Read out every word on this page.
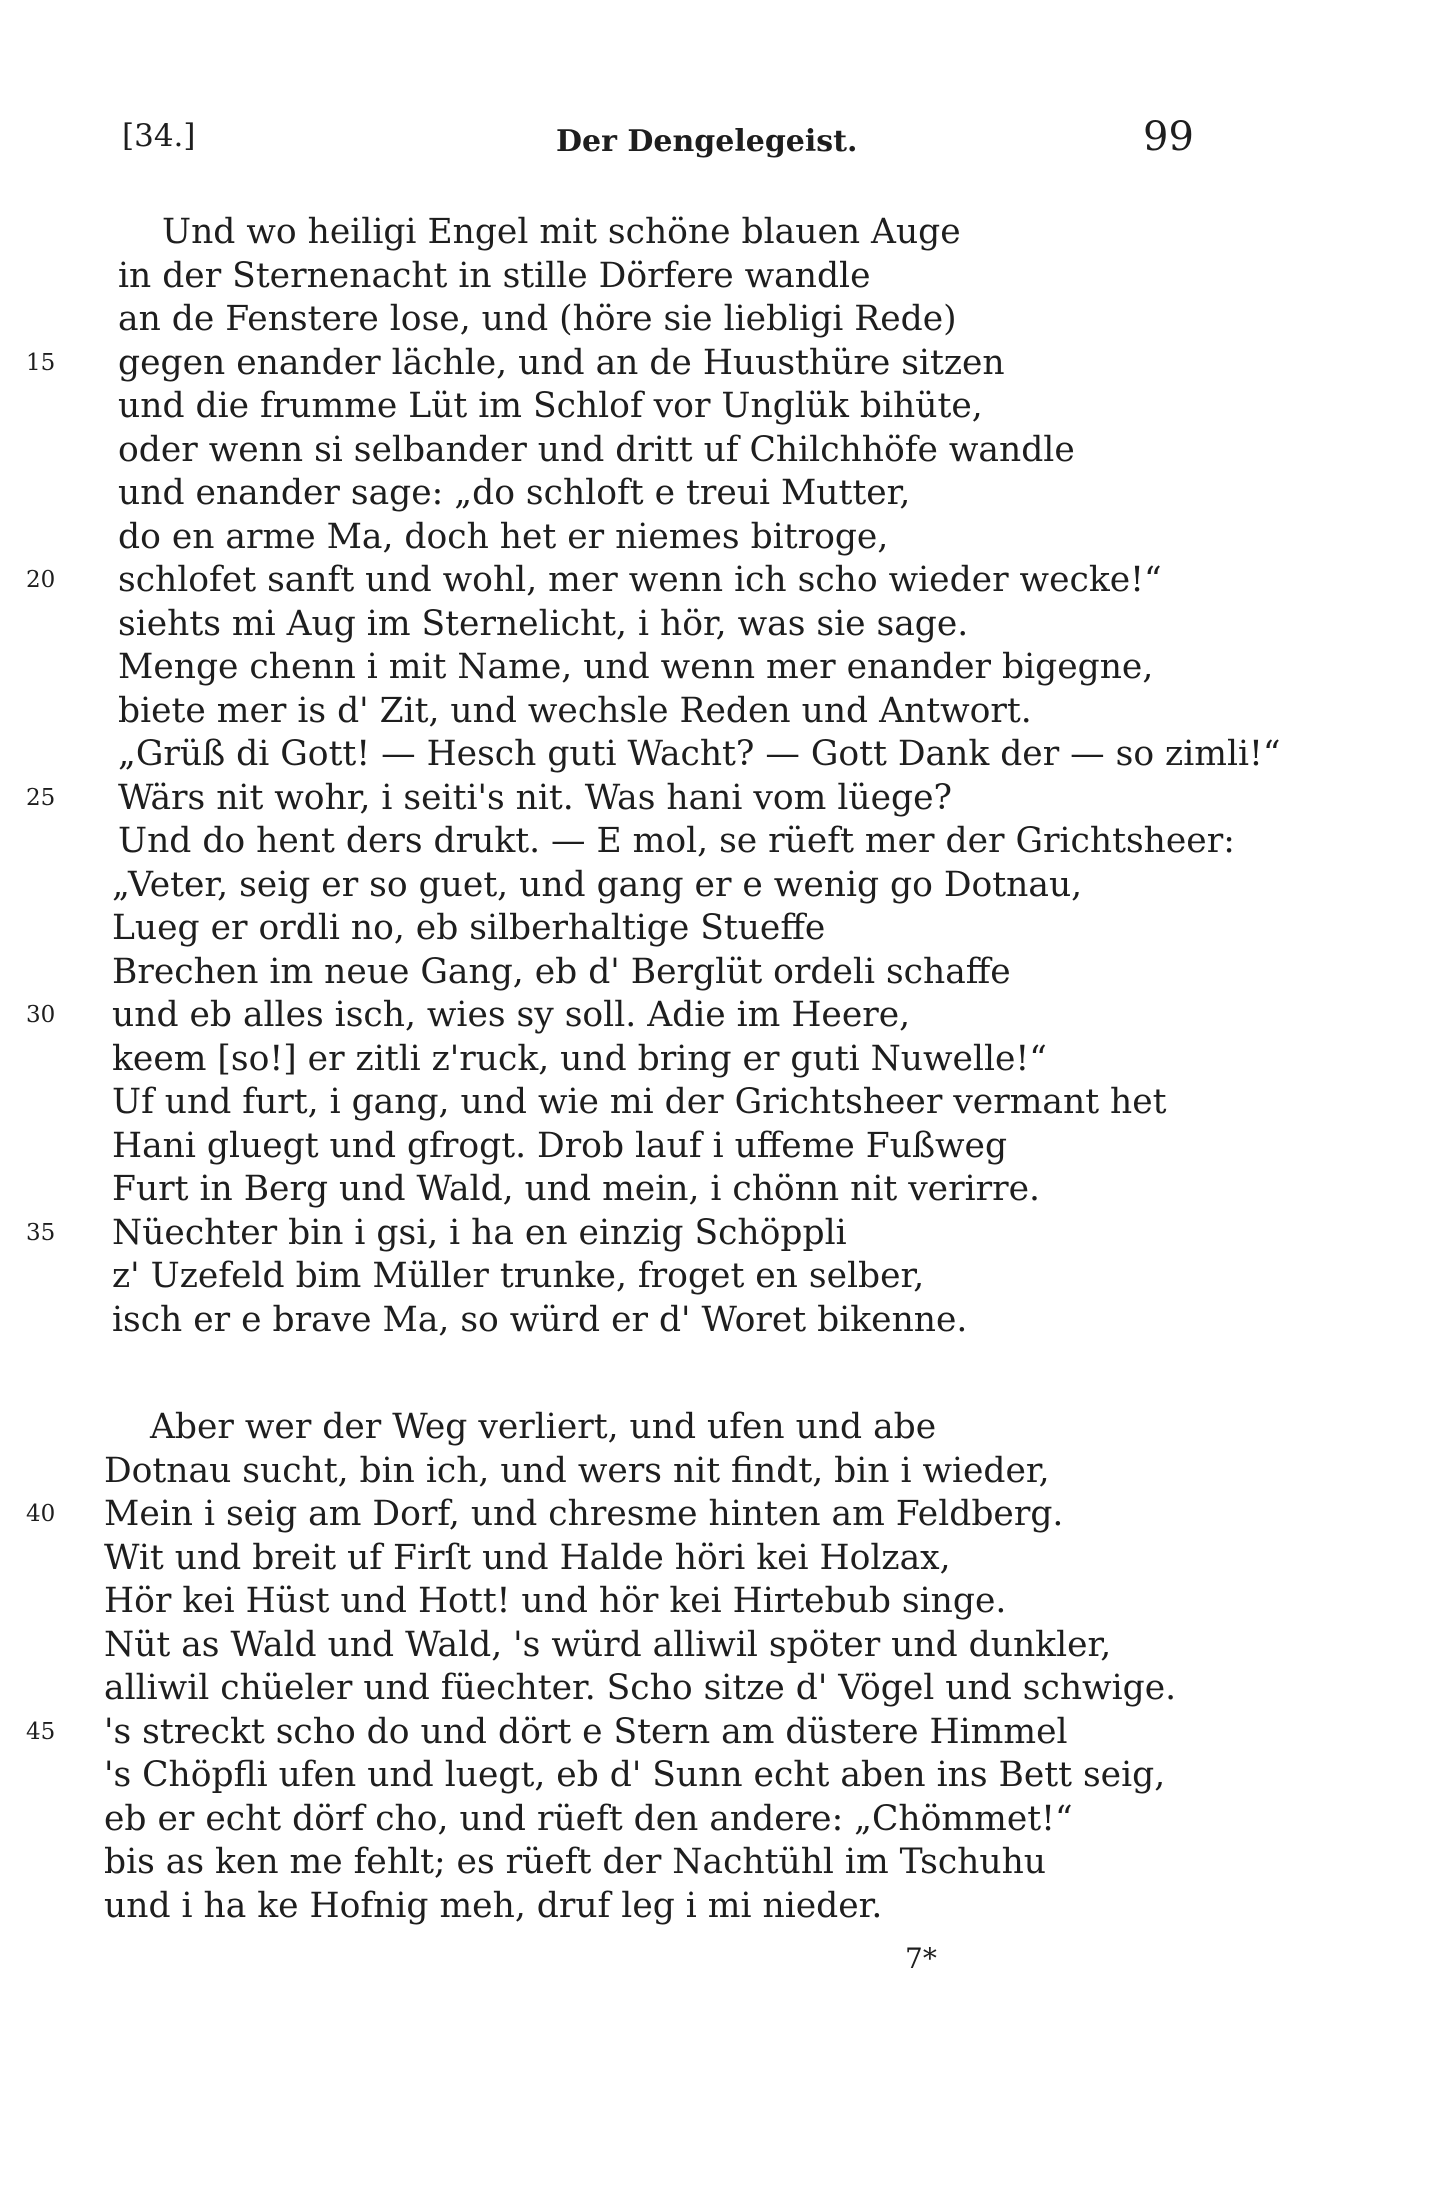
[34.]	Der Dengelegeist.	99
Und wo heiligi Engel mit schöne blauen Auge
in der Sternenacht in stille Dörfere wandle
an de Fenstere lose, und (höre sie liebligi Rede)
gegen enander lächle, und an de Huusthüre sitzen
15
und die frumme Lüt im Schlof vor Unglük bihüte,
oder wenn si selbander und dritt uf Chilchhöfe wandle
und enander sage: „do schloft e treui Mutter,
do en arme Ma, doch het er niemes bitroge,
schlofet sanft und wohl, mer wenn ich scho wieder wecke!“
20
siehts mi Aug im Sternelicht, i hör, was sie sage.
Menge chenn i mit Name, und wenn mer enander bigegne,
biete mer is d' Zit, und wechsle Reden und Antwort.
„Grüß di Gott! — Hesch guti Wacht? — Gott Dank der — so zimli!“
Wärs nit wohr, i seiti's nit. Was hani vom lüege?
25
Und do hent ders drukt. — E mol, se rüeft mer der Grichtsheer:
„Veter, seig er so guet, und gang er e wenig go Dotnau,
Lueg er ordli no, eb silberhaltige Stueffe
Brechen im neue Gang, eb d' Berglüt ordeli schaffe
und eb alles isch, wies sy soll. Adie im Heere,
30
keem [so!] er zitli z'ruck, und bring er guti Nuwelle!“
Uf und furt, i gang, und wie mi der Grichtsheer vermant het
Hani gluegt und gfrogt. Drob lauf i uffeme Fußweg
Furt in Berg und Wald, und mein, i chönn nit verirre.
Nüechter bin i gsi, i ha en einzig Schöppli
35
z' Uzefeld bim Müller trunke, froget en selber,
isch er e brave Ma, so würd er d' Woret bikenne.
Aber wer der Weg verliert, und ufen und abe
Dotnau sucht, bin ich, und wers nit findt, bin i wieder,
Mein i seig am Dorf, und chresme hinten am Feldberg.
40
Wit und breit uf Firſt und Halde höri kei Holzax,
Hör kei Hüst und Hott! und hör kei Hirtebub singe.
Nüt as Wald und Wald, 's würd alliwil spöter und dunkler,
alliwil chüeler und füechter. Scho sitze d' Vögel und schwige.
's streckt scho do und dört e Stern am düstere Himmel
45
's Chöpfli ufen und luegt, eb d' Sunn echt aben ins Bett seig,
eb er echt dörf cho, und rüeft den andere: „Chömmet!“
bis as ken me fehlt; es rüeft der Nachtühl im Tschuhu
und i ha ke Hofnig meh, druf leg i mi nieder.
7*
